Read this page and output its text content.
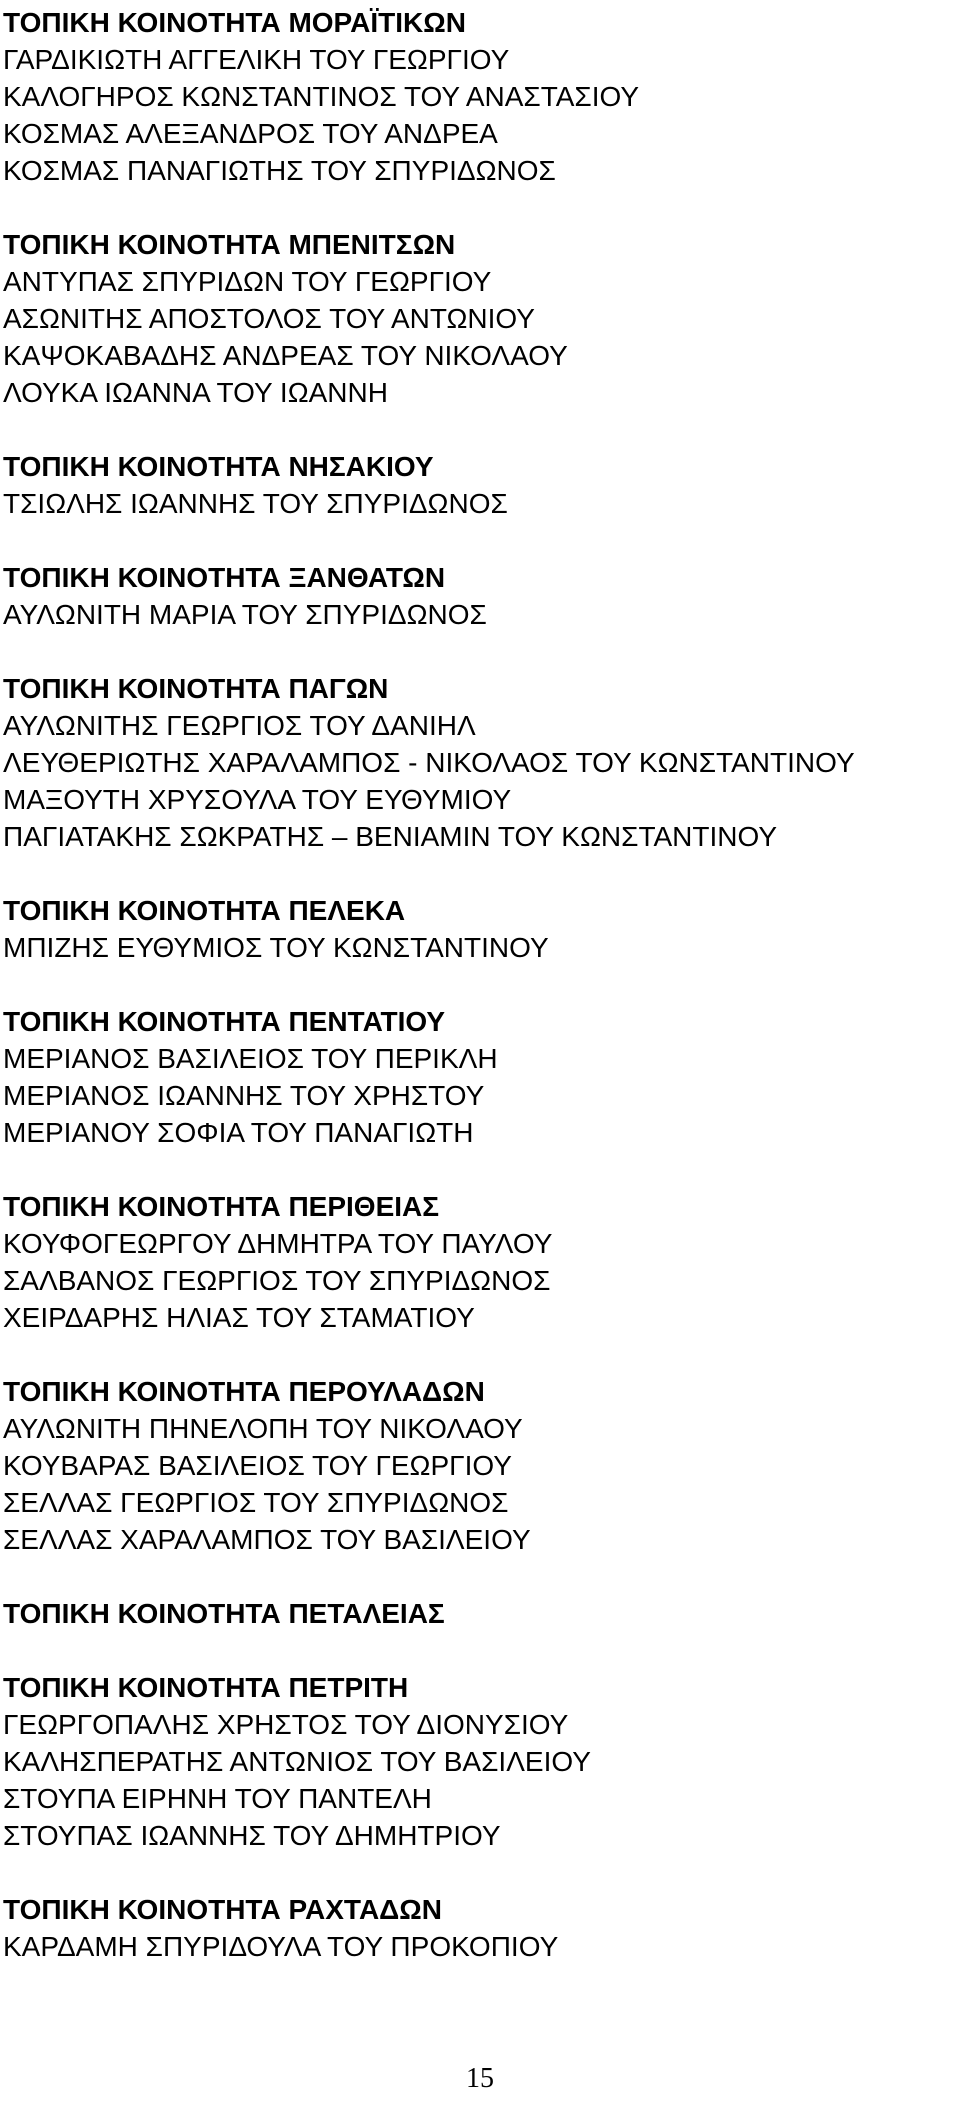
ΤΟΠΙΚΗ ΚΟΙΝΟΤΗΤΑ ΜΟΡΑΪΤΙΚΩΝ
ΓΑΡΔΙΚΙΩΤΗ ΑΓΓΕΛΙΚΗ ΤΟΥ ΓΕΩΡΓΙΟΥ
ΚΑΛΟΓΗΡΟΣ ΚΩΝΣΤΑΝΤΙΝΟΣ ΤΟΥ ΑΝΑΣΤΑΣΙΟΥ
ΚΟΣΜΑΣ ΑΛΕΞΑΝΔΡΟΣ ΤΟΥ ΑΝΔΡΕΑ
ΚΟΣΜΑΣ ΠΑΝΑΓΙΩΤΗΣ ΤΟΥ ΣΠΥΡΙΔΩΝΟΣ
ΤΟΠΙΚΗ ΚΟΙΝΟΤΗΤΑ ΜΠΕΝΙΤΣΩΝ
ΑΝΤΥΠΑΣ ΣΠΥΡΙΔΩΝ ΤΟΥ ΓΕΩΡΓΙΟΥ
ΑΣΩΝΙΤΗΣ ΑΠΟΣΤΟΛΟΣ ΤΟΥ ΑΝΤΩΝΙΟΥ
ΚΑΨΟΚΑΒΑΔΗΣ ΑΝΔΡΕΑΣ ΤΟΥ ΝΙΚΟΛΑΟΥ
ΛΟΥΚΑ ΙΩΑΝΝΑ ΤΟΥ ΙΩΑΝΝΗ
ΤΟΠΙΚΗ ΚΟΙΝΟΤΗΤΑ ΝΗΣΑΚΙΟΥ
ΤΣΙΩΛΗΣ ΙΩΑΝΝΗΣ ΤΟΥ ΣΠΥΡΙΔΩΝΟΣ
ΤΟΠΙΚΗ ΚΟΙΝΟΤΗΤΑ ΞΑΝΘΑΤΩΝ
ΑΥΛΩΝΙΤΗ ΜΑΡΙΑ ΤΟΥ ΣΠΥΡΙΔΩΝΟΣ
ΤΟΠΙΚΗ ΚΟΙΝΟΤΗΤΑ ΠΑΓΩΝ
ΑΥΛΩΝΙΤΗΣ ΓΕΩΡΓΙΟΣ ΤΟΥ ΔΑΝΙΗΛ
ΛΕΥΘΕΡΙΩΤΗΣ ΧΑΡΑΛΑΜΠΟΣ - ΝΙΚΟΛΑΟΣ ΤΟΥ ΚΩΝΣΤΑΝΤΙΝΟΥ
ΜΑΞΟΥΤΗ ΧΡΥΣΟΥΛΑ ΤΟΥ ΕΥΘΥΜΙΟΥ
ΠΑΓΙΑΤΑΚΗΣ ΣΩΚΡΑΤΗΣ – ΒΕΝΙΑΜΙΝ ΤΟΥ ΚΩΝΣΤΑΝΤΙΝΟΥ
ΤΟΠΙΚΗ ΚΟΙΝΟΤΗΤΑ ΠΕΛΕΚΑ
ΜΠΙΖΗΣ ΕΥΘΥΜΙΟΣ ΤΟΥ ΚΩΝΣΤΑΝΤΙΝΟΥ
ΤΟΠΙΚΗ ΚΟΙΝΟΤΗΤΑ ΠΕΝΤΑΤΙΟΥ
ΜΕΡΙΑΝΟΣ ΒΑΣΙΛΕΙΟΣ ΤΟΥ ΠΕΡΙΚΛΗ
ΜΕΡΙΑΝΟΣ ΙΩΑΝΝΗΣ ΤΟΥ ΧΡΗΣΤΟΥ
ΜΕΡΙΑΝΟΥ ΣΟΦΙΑ ΤΟΥ ΠΑΝΑΓΙΩΤΗ
ΤΟΠΙΚΗ ΚΟΙΝΟΤΗΤΑ ΠΕΡΙΘΕΙΑΣ
ΚΟΥΦΟΓΕΩΡΓΟΥ ΔΗΜΗΤΡΑ ΤΟΥ ΠΑΥΛΟΥ
ΣΑΛΒΑΝΟΣ ΓΕΩΡΓΙΟΣ ΤΟΥ ΣΠΥΡΙΔΩΝΟΣ
ΧΕΙΡΔΑΡΗΣ ΗΛΙΑΣ ΤΟΥ ΣΤΑΜΑΤΙΟΥ
ΤΟΠΙΚΗ ΚΟΙΝΟΤΗΤΑ ΠΕΡΟΥΛΑΔΩΝ
ΑΥΛΩΝΙΤΗ ΠΗΝΕΛΟΠΗ ΤΟΥ ΝΙΚΟΛΑΟΥ
ΚΟΥΒΑΡΑΣ ΒΑΣΙΛΕΙΟΣ ΤΟΥ ΓΕΩΡΓΙΟΥ
ΣΕΛΛΑΣ ΓΕΩΡΓΙΟΣ ΤΟΥ ΣΠΥΡΙΔΩΝΟΣ
ΣΕΛΛΑΣ ΧΑΡΑΛΑΜΠΟΣ ΤΟΥ ΒΑΣΙΛΕΙΟΥ
ΤΟΠΙΚΗ ΚΟΙΝΟΤΗΤΑ ΠΕΤΑΛΕΙΑΣ
ΤΟΠΙΚΗ ΚΟΙΝΟΤΗΤΑ ΠΕΤΡΙΤΗ
ΓΕΩΡΓΟΠΑΛΗΣ ΧΡΗΣΤΟΣ ΤΟΥ ΔΙΟΝΥΣΙΟΥ
ΚΑΛΗΣΠΕΡΑΤΗΣ ΑΝΤΩΝΙΟΣ ΤΟΥ ΒΑΣΙΛΕΙΟΥ
ΣΤΟΥΠΑ ΕΙΡΗΝΗ ΤΟΥ ΠΑΝΤΕΛΗ
ΣΤΟΥΠΑΣ ΙΩΑΝΝΗΣ ΤΟΥ ΔΗΜΗΤΡΙΟΥ
ΤΟΠΙΚΗ ΚΟΙΝΟΤΗΤΑ ΡΑΧΤΑΔΩΝ
ΚΑΡΔΑΜΗ ΣΠΥΡΙΔΟΥΛΑ ΤΟΥ ΠΡΟΚΟΠΙΟΥ
15
